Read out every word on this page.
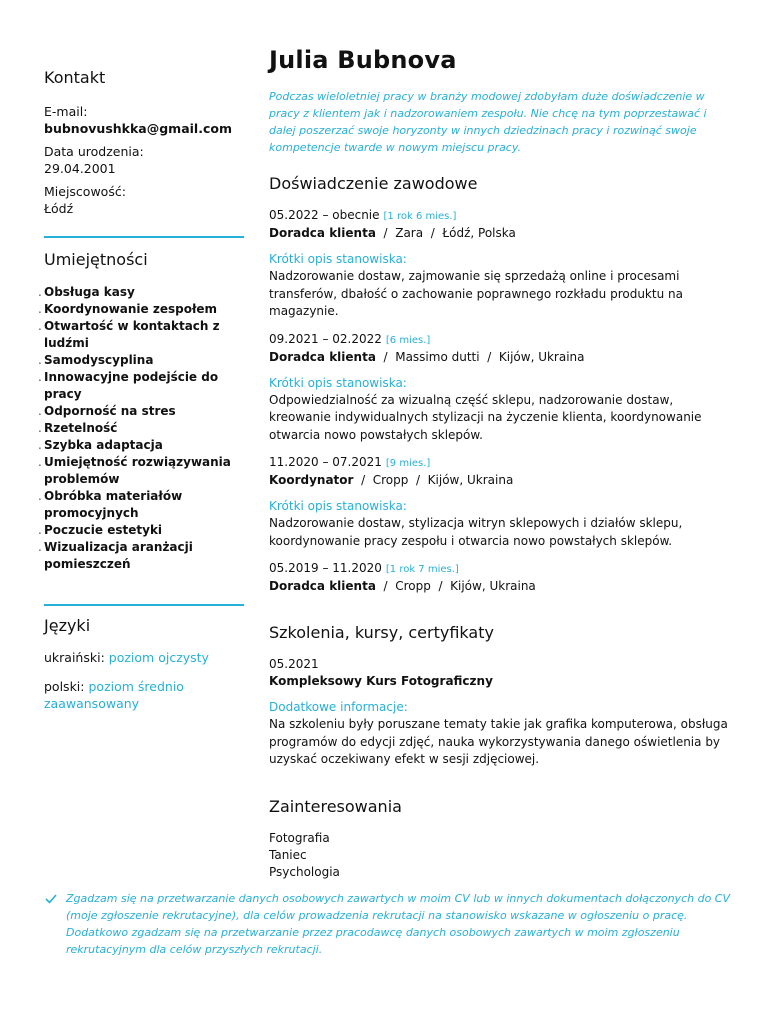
Kontakt
E-mail:
bubnovushkka@gmail.com
Data urodzenia:
29.04.2001
Miejscowość:
Łódź
Umiejętności
. Obsługa kasy
. Koordynowanie zespołem
. Otwartość w kontaktach z ludźmi
. Samodyscyplina
. Innowacyjne podejście do pracy
. Odporność na stres
. Rzetelność
. Szybka adaptacja
. Umiejętność rozwiązywania problemów
. Obróbka materiałów promocyjnych
. Poczucie estetyki
. Wizualizacja aranżacji pomieszczeń
Języki
ukraiński: poziom ojczysty
polski: poziom średnio zaawansowany
Julia Bubnova

Podczas wieloletniej pracy w branży modowej zdobyłam duże doświadczenie w pracy z klientem jak i nadzorowaniem zespołu. Nie chcę na tym poprzestawać i dalej poszerzać swoje horyzonty w innych dziedzinach pracy i rozwinąć swoje kompetencje twarde w nowym miejscu pracy.

Doświadczenie zawodowe
05.2022 – obecnie [1 rok 6 mies.]
Doradca klienta  /  Zara  /  Łódź, Polska
Krótki opis stanowiska:
Nadzorowanie dostaw, zajmowanie się sprzedażą online i procesami transferów, dbałość o zachowanie poprawnego rozkładu produktu na magazynie.
09.2021 – 02.2022 [6 mies.]
Doradca klienta  /  Massimo dutti  /  Kijów, Ukraina
Krótki opis stanowiska:
Odpowiedzialność za wizualną część sklepu, nadzorowanie dostaw, kreowanie indywidualnych stylizacji na życzenie klienta, koordynowanie otwarcia nowo powstałych sklepów.
11.2020 – 07.2021 [9 mies.]
Koordynator  /  Cropp  /  Kijów, Ukraina
Krótki opis stanowiska:
Nadzorowanie dostaw, stylizacja witryn sklepowych i działów sklepu, koordynowanie pracy zespołu i otwarcia nowo powstałych sklepów.
05.2019 – 11.2020 [1 rok 7 mies.]
Doradca klienta  /  Cropp  /  Kijów, Ukraina
Szkolenia, kursy, certyfikaty
05.2021
Kompleksowy Kurs Fotograficzny
Dodatkowe informacje:
Na szkoleniu były poruszane tematy takie jak grafika komputerowa, obsługa programów do edycji zdjęć, nauka wykorzystywania danego oświetlenia by uzyskać oczekiwany efekt w sesji zdjęciowej.
Zainteresowania
Fotografia
Taniec
Psychologia

Zgadzam się na przetwarzanie danych osobowych zawartych w moim CV lub w innych dokumentach dołączonych do CV (moje zgłoszenie rekrutacyjne), dla celów prowadzenia rekrutacji na stanowisko wskazane w ogłoszeniu o pracę. Dodatkowo zgadzam się na przetwarzanie przez pracodawcę danych osobowych zawartych w moim zgłoszeniu rekrutacyjnym dla celów przyszłych rekrutacji.
